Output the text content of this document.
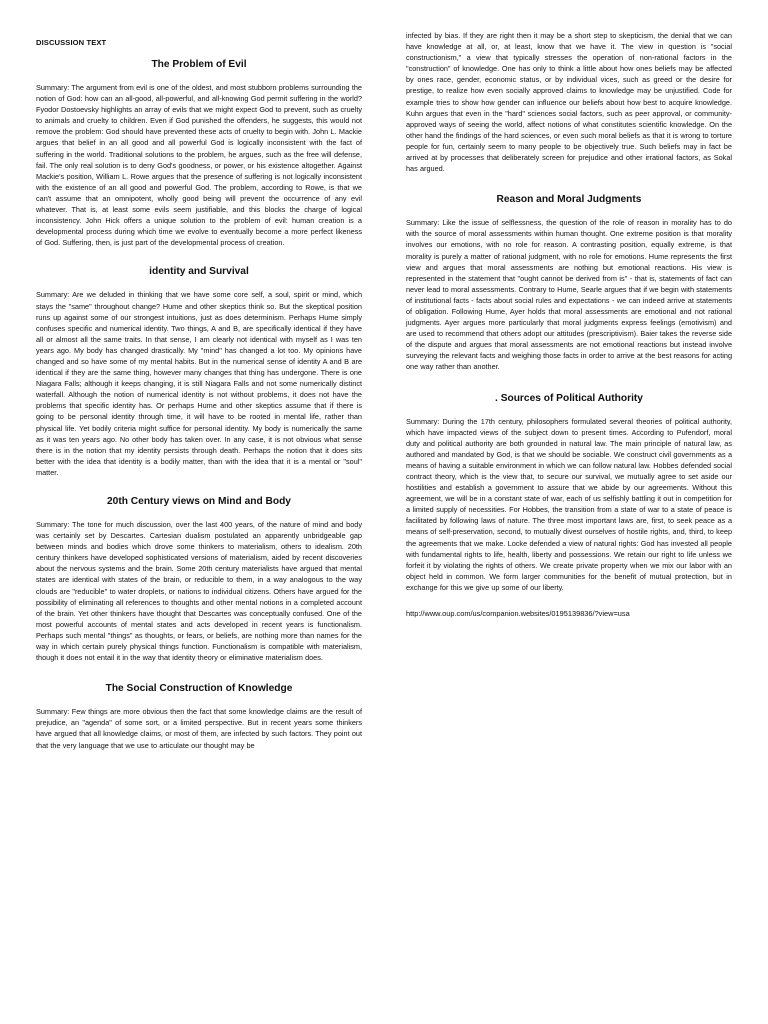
DISCUSSION TEXT
The Problem of Evil

Summary: The argument from evil is one of the oldest, and most stubborn problems surrounding the notion of God: how can an all-good, all-powerful, and all-knowing God permit suffering in the world? Fyodor Dostoevsky highlights an array of evils that we might expect God to prevent, such as cruelty to animals and cruelty to children. Even if God punished the offenders, he suggests, this would not remove the problem: God should have prevented these acts of cruelty to begin with. John L. Mackie argues that belief in an all good and all powerful God is logically inconsistent with the fact of suffering in the world. Traditional solutions to the problem, he argues, such as the free will defense, fail. The only real solution is to deny God's goodness, or power, or his existence altogether. Against Mackie's position, William L. Rowe argues that the presence of suffering is not logically inconsistent with the existence of an all good and powerful God. The problem, according to Rowe, is that we can't assume that an omnipotent, wholly good being will prevent the occurrence of any evil whatever. That is, at least some evils seem justifiable, and this blocks the charge of logical inconsistency. John Hick offers a unique solution to the problem of evil: human creation is a developmental process during which time we evolve to eventually become a more perfect likeness of God. Suffering, then, is just part of the developmental process of creation.

identity and Survival

Summary: Are we deluded in thinking that we have some core self, a soul, spirit or mind, which stays the "same" throughout change? Hume and other skeptics think so. But the skeptical position runs up against some of our strongest intuitions, just as does determinism. Perhaps Hume simply confuses specific and numerical identity. Two things, A and B, are specifically identical if they have all or almost all the same traits. In that sense, I am clearly not identical with myself as I was ten years ago. My body has changed drastically. My "mind" has changed a lot too. My opinions have changed and so have some of my mental habits. But in the numerical sense of identity A and B are identical if they are the same thing, however many changes that thing has undergone. There is one Niagara Falls; although it keeps changing, it is still Niagara Falls and not some numerically distinct waterfall. Although the notion of numerical identity is not without problems, it does not have the problems that specific identity has. Or perhaps Hume and other skeptics assume that if there is going to be personal identity through time, it will have to be rooted in mental life, rather than physical life. Yet bodily criteria might suffice for personal identity. My body is numerically the same as it was ten years ago. No other body has taken over. In any case, it is not obvious what sense there is in the notion that my identity persists through death. Perhaps the notion that it does sits better with the idea that identity is a bodily matter, than with the idea that it is a mental or "soul" matter.

20th Century views on Mind and Body

Summary: The tone for much discussion, over the last 400 years, of the nature of mind and body was certainly set by Descartes. Cartesian dualism postulated an apparently unbridgeable gap between minds and bodies which drove some thinkers to materialism, others to idealism. 20th century thinkers have developed sophisticated versions of materialism, aided by recent discoveries about the nervous systems and the brain. Some 20th century materialists have argued that mental states are identical with states of the brain, or reducible to them, in a way analogous to the way clouds are "reducible" to water droplets, or nations to individual citizens. Others have argued for the possibility of eliminating all references to thoughts and other mental notions in a completed account of the brain. Yet other thinkers have thought that Descartes was conceptually confused. One of the most powerful accounts of mental states and acts developed in recent years is functionalism. Perhaps such mental "things" as thoughts, or fears, or beliefs, are nothing more than names for the way in which certain purely physical things function. Functionalism is compatible with materialism, though it does not entail it in the way that identity theory or eliminative materialism does.

The Social Construction of Knowledge

Summary: Few things are more obvious then the fact that some knowledge claims are the result of prejudice, an "agenda" of some sort, or a limited perspective. But in recent years some thinkers have argued that all knowledge claims, or most of them, are infected by such factors. They point out that the very language that we use to articulate our thought may be

infected by bias. If they are right then it may be a short step to skepticism, the denial that we can have knowledge at all, or, at least, know that we have it. The view in question is "social constructionism," a view that typically stresses the operation of non-rational factors in the "construction" of knowledge. One has only to think a little about how ones beliefs may be affected by ones race, gender, economic status, or by individual vices, such as greed or the desire for prestige, to realize how even socially approved claims to knowledge may be unjustified. Code for example tries to show how gender can influence our beliefs about how best to acquire knowledge. Kuhn argues that even in the "hard" sciences social factors, such as peer approval, or community-approved ways of seeing the world, affect notions of what constitutes scientific knowledge. On the other hand the findings of the hard sciences, or even such moral beliefs as that it is wrong to torture people for fun, certainly seem to many people to be objectively true. Such beliefs may in fact be arrived at by processes that deliberately screen for prejudice and other irrational factors, as Sokal has argued.

Reason and Moral Judgments

Summary: Like the issue of selflessness, the question of the role of reason in morality has to do with the source of moral assessments within human thought. One extreme position is that morality involves our emotions, with no role for reason. A contrasting position, equally extreme, is that morality is purely a matter of rational judgment, with no role for emotions. Hume represents the first view and argues that moral assessments are nothing but emotional reactions. His view is represented in the statement that "ought cannot be derived from is" - that is, statements of fact can never lead to moral assessments. Contrary to Hume, Searle argues that if we begin with statements of institutional facts - facts about social rules and expectations - we can indeed arrive at statements of obligation. Following Hume, Ayer holds that moral assessments are emotional and not rational judgments. Ayer argues more particularly that moral judgments express feelings (emotivism) and are used to recommend that others adopt our attitudes (prescriptivism). Baier takes the reverse side of the dispute and argues that moral assessments are not emotional reactions but instead involve surveying the relevant facts and weighing those facts in order to arrive at the best reasons for acting one way rather than another.

. Sources of Political Authority

Summary: During the 17th century, philosophers formulated several theories of political authority, which have impacted views of the subject down to present times. According to Pufendorf, moral duty and political authority are both grounded in natural law. The main principle of natural law, as authored and mandated by God, is that we should be sociable. We construct civil governments as a means of having a suitable environment in which we can follow natural law. Hobbes defended social contract theory, which is the view that, to secure our survival, we mutually agree to set aside our hostilities and establish a government to assure that we abide by our agreements. Without this agreement, we will be in a constant state of war, each of us selfishly battling it out in competition for a limited supply of necessities. For Hobbes, the transition from a state of war to a state of peace is facilitated by following laws of nature. The three most important laws are, first, to seek peace as a means of self-preservation, second, to mutually divest ourselves of hostile rights, and, third, to keep the agreements that we make. Locke defended a view of natural rights: God has invested all people with fundamental rights to life, health, liberty and possessions. We retain our right to life unless we forfeit it by violating the rights of others. We create private property when we mix our labor with an object held in common. We form larger communities for the benefit of mutual protection, but in exchange for this we give up some of our liberty.

http://www.oup.com/us/companion.websites/0195139836/?view=usa
